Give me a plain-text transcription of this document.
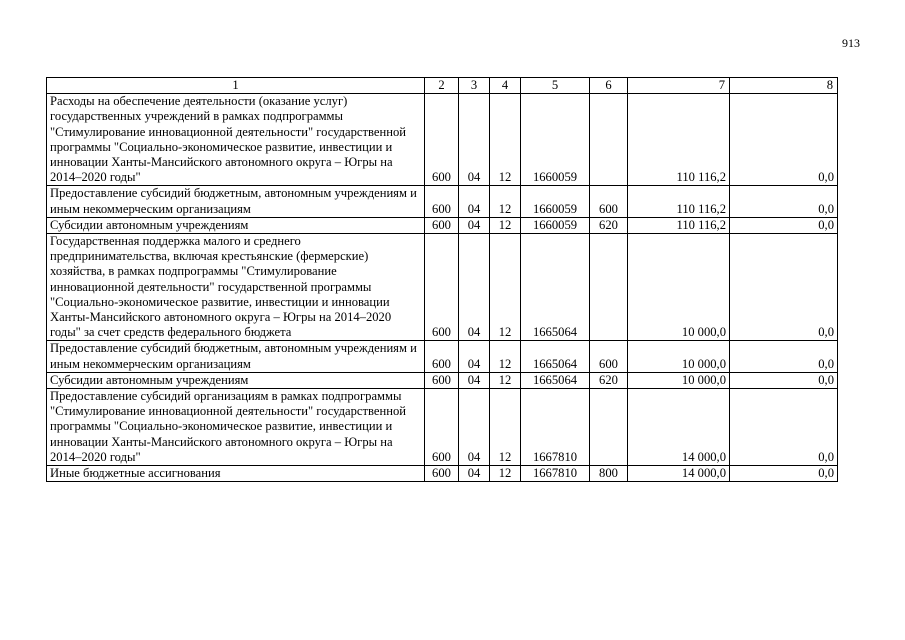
913
1	2	3	4	5	6	7	8
Расходы на обеспечение деятельности (оказание услуг) государственных учреждений в рамках подпрограммы "Стимулирование инновационной деятельности" государственной программы "Социально-экономическое развитие, инвестиции и инновации Ханты-Мансийского автономного округа – Югры на 2014–2020 годы"	600	04	12	1660059		110 116,2	0,0
Предоставление субсидий бюджетным, автономным учреждениям и иным некоммерческим организациям	600	04	12	1660059	600	110 116,2	0,0
Субсидии автономным учреждениям	600	04	12	1660059	620	110 116,2	0,0
Государственная поддержка малого и среднего предпринимательства, включая крестьянские (фермерские) хозяйства, в рамках подпрограммы "Стимулирование инновационной деятельности" государственной программы "Социально-экономическое развитие, инвестиции и инновации Ханты-Мансийского автономного округа – Югры на 2014–2020 годы" за счет средств федерального бюджета	600	04	12	1665064		10 000,0	0,0
Предоставление субсидий бюджетным, автономным учреждениям и иным некоммерческим организациям	600	04	12	1665064	600	10 000,0	0,0
Субсидии автономным учреждениям	600	04	12	1665064	620	10 000,0	0,0
Предоставление субсидий организациям в рамках подпрограммы "Стимулирование инновационной деятельности" государственной программы "Социально-экономическое развитие, инвестиции и инновации Ханты-Мансийского автономного округа – Югры на 2014–2020 годы"	600	04	12	1667810		14 000,0	0,0
Иные бюджетные ассигнования	600	04	12	1667810	800	14 000,0	0,0
